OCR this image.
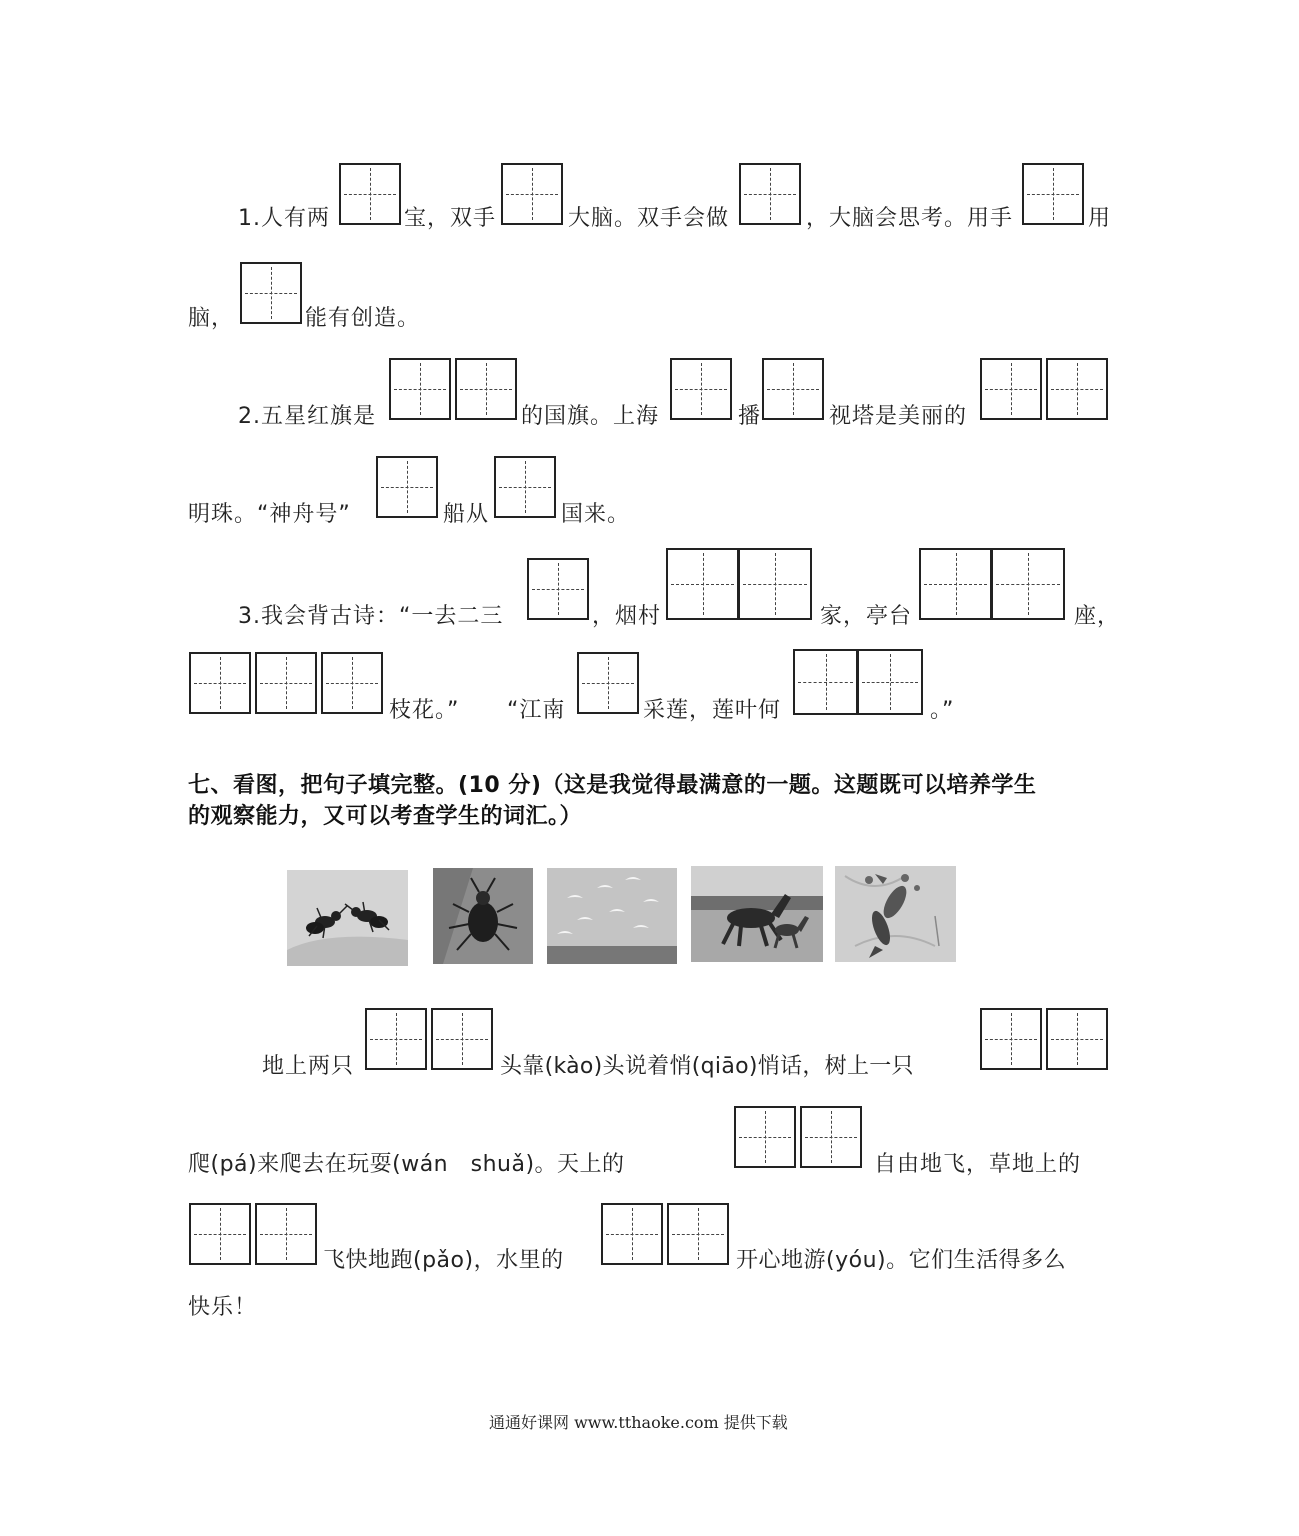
1.人有两	宝，双手	大脑。双手会做	，大脑会思考。用手	用
脑，	能有创造。
2.五星红旗是	的国旗。上海	播	视塔是美丽的
明珠。“神舟号”	船从	国来。
3.我会背古诗：“一去二三	，烟村	家，亭台	座，
枝花。” “江南	采莲，莲叶何	。”
七、看图，把句子填完整。(10 分)（这是我觉得最满意的一题。这题既可以培养学生
的观察能力，又可以考查学生的词汇。）
地上两只	头靠(kào)头说着悄(qiāo)悄话，树上一只
爬(pá)来爬去在玩耍(wán　shuǎ)。天上的	自由地飞，草地上的
飞快地跑(pǎo)，水里的	开心地游(yóu)。它们生活得多么
快乐！
通通好课网 www.tthaoke.com 提供下载
